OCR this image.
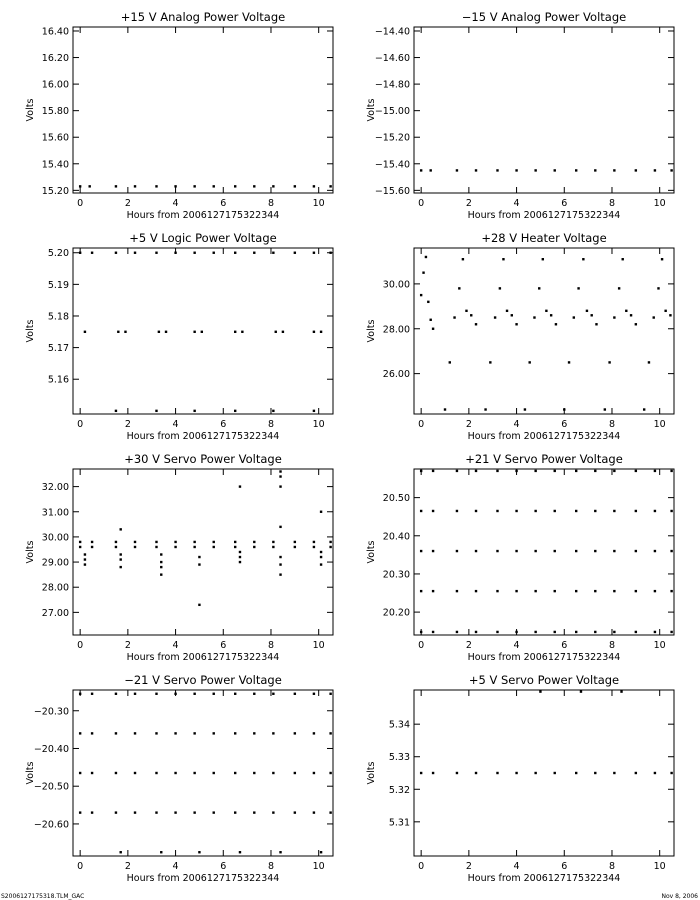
+15 V Analog Power Voltage
0	2	4	6	8	10
15.20
15.40
15.60
15.80
16.00
16.20
16.40
Hours from 2006127175322344
Volts
−15 V Analog Power Voltage
0	2	4	6	8	10
−15.60
−15.40
−15.20
−15.00
−14.80
−14.60
−14.40
Hours from 2006127175322344
Volts
+5 V Logic Power Voltage
0	2	4	6	8	10
5.16
5.17
5.18
5.19
5.20
Hours from 2006127175322344
Volts
+28 V Heater Voltage
0	2	4	6	8	10
26.00
28.00
30.00
Hours from 2006127175322344
Volts
+30 V Servo Power Voltage
0	2	4	6	8	10
27.00
28.00
29.00
30.00
31.00
32.00
Hours from 2006127175322344
Volts
+21 V Servo Power Voltage
0	2	4	6	8	10
20.20
20.30
20.40
20.50
Hours from 2006127175322344
Volts
−21 V Servo Power Voltage
0	2	4	6	8	10
−20.60
−20.50
−20.40
−20.30
Hours from 2006127175322344
Volts
+5 V Servo Power Voltage
0	2	4	6	8	10
5.31
5.32
5.33
5.34
Hours from 2006127175322344
Volts
S2006127175318.TLM_GAC	Nov 8, 2006
